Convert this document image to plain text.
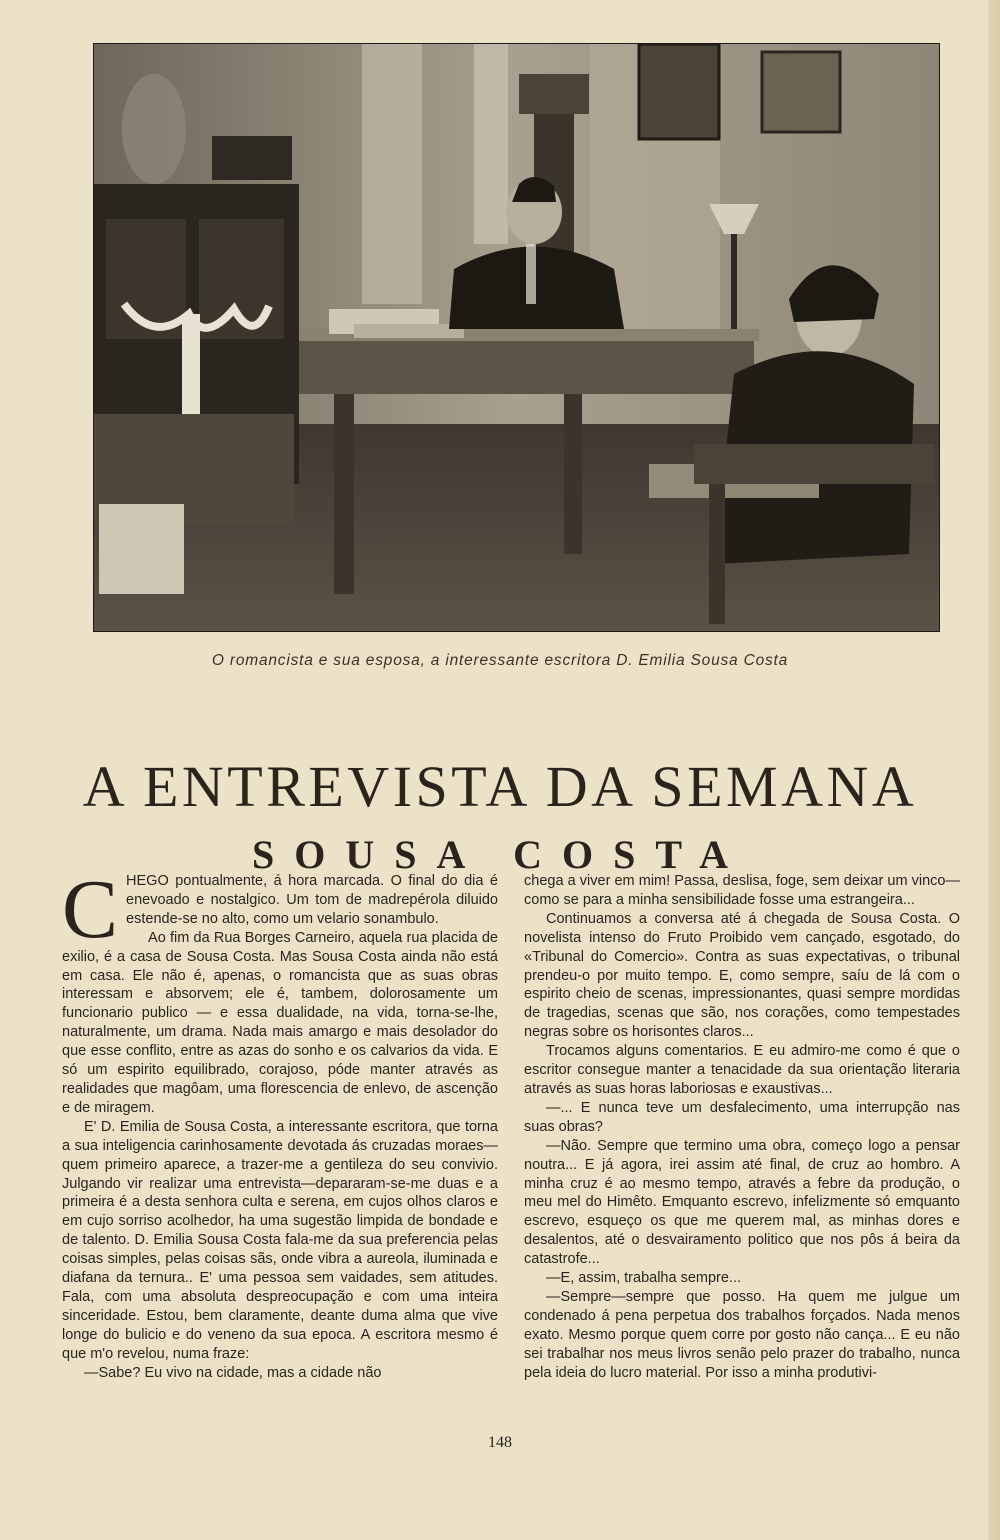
O romancista e sua esposa, a interessante escritora D. Emilia Sousa Costa
A ENTREVISTA DA SEMANA
SOUSA COSTA

CHEGO pontualmente, á hora marcada. O final do dia é enevoado e nostalgico. Um tom de madrepérola diluido estende-se no alto, como um velario sonambulo.

Ao fim da Rua Borges Carneiro, aquela rua placida de exilio, é a casa de Sousa Costa. Mas Sousa Costa ainda não está em casa. Ele não é, apenas, o romancista que as suas obras interessam e absorvem; ele é, tambem, dolorosamente um funcionario publico — e essa dualidade, na vida, torna-se-lhe, naturalmente, um drama. Nada mais amargo e mais desolador do que esse conflito, entre as azas do sonho e os calvarios da vida. E só um espirito equilibrado, corajoso, póde manter através as realidades que magôam, uma florescencia de enlevo, de ascenção e de miragem.

E' D. Emilia de Sousa Costa, a interessante escritora, que torna a sua inteligencia carinhosamente devotada ás cruzadas moraes—quem primeiro aparece, a trazer-me a gentileza do seu convivio. Julgando vir realizar uma entrevista—depararam-se-me duas e a primeira é a desta senhora culta e serena, em cujos olhos claros e em cujo sorriso acolhedor, ha uma sugestão limpida de bondade e de talento. D. Emilia Sousa Costa fala-me da sua preferencia pelas coisas simples, pelas coisas sãs, onde vibra a aureola, iluminada e diafana da ternura.. E' uma pessoa sem vaidades, sem atitudes. Fala, com uma absoluta despreocupação e com uma inteira sinceridade. Estou, bem claramente, deante duma alma que vive longe do bulicio e do veneno da sua epoca. A escritora mesmo é que m'o revelou, numa fraze:

—Sabe? Eu vivo na cidade, mas a cidade não

chega a viver em mim! Passa, deslisa, foge, sem deixar um vinco—como se para a minha sensibilidade fosse uma estrangeira...

Continuamos a conversa até á chegada de Sousa Costa. O novelista intenso do Fruto Proibido vem cançado, esgotado, do «Tribunal do Comercio». Contra as suas expectativas, o tribunal prendeu-o por muito tempo. E, como sempre, saíu de lá com o espirito cheio de scenas, impressionantes, quasi sempre mordidas de tragedias, scenas que são, nos corações, como tempestades negras sobre os horisontes claros...

Trocamos alguns comentarios. E eu admiro-me como é que o escritor consegue manter a tenacidade da sua orientação literaria através as suas horas laboriosas e exaustivas...

—... E nunca teve um desfalecimento, uma interrupção nas suas obras?

—Não. Sempre que termino uma obra, começo logo a pensar noutra... E já agora, irei assim até final, de cruz ao hombro. A minha cruz é ao mesmo tempo, através a febre da produção, o meu mel do Himêto. Emquanto escrevo, infelizmente só emquanto escrevo, esqueço os que me querem mal, as minhas dores e desalentos, até o desvairamento politico que nos pôs á beira da catastrofe...

—E, assim, trabalha sempre...

—Sempre—sempre que posso. Ha quem me julgue um condenado á pena perpetua dos trabalhos forçados. Nada menos exato. Mesmo porque quem corre por gosto não cança... E eu não sei trabalhar nos meus livros senão pelo prazer do trabalho, nunca pela ideia do lucro material. Por isso a minha produtivi-

148
